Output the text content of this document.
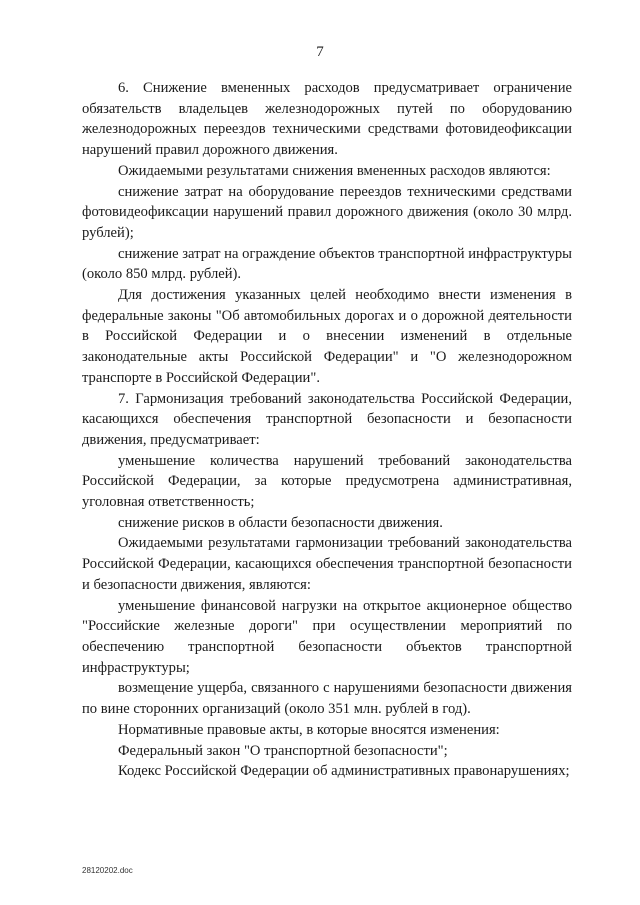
7

6. Снижение вмененных расходов предусматривает ограничение обязательств владельцев железнодорожных путей по оборудованию железнодорожных переездов техническими средствами фотовидеофиксации нарушений правил дорожного движения.

Ожидаемыми результатами снижения вмененных расходов являются:

снижение затрат на оборудование переездов техническими средствами фотовидеофиксации нарушений правил дорожного движения (около 30 млрд. рублей);

снижение затрат на ограждение объектов транспортной инфраструктуры (около 850 млрд. рублей).

Для достижения указанных целей необходимо внести изменения в федеральные законы "Об автомобильных дорогах и о дорожной деятельности в Российской Федерации и о внесении изменений в отдельные законодательные акты Российской Федерации" и "О железнодорожном транспорте в Российской Федерации".

7. Гармонизация требований законодательства Российской Федерации, касающихся обеспечения транспортной безопасности и безопасности движения, предусматривает:

уменьшение количества нарушений требований законодательства Российской Федерации, за которые предусмотрена административная, уголовная ответственность;

снижение рисков в области безопасности движения.

Ожидаемыми результатами гармонизации требований законодательства Российской Федерации, касающихся обеспечения транспортной безопасности и безопасности движения, являются:

уменьшение финансовой нагрузки на открытое акционерное общество "Российские железные дороги" при осуществлении мероприятий по обеспечению транспортной безопасности объектов транспортной инфраструктуры;

возмещение ущерба, связанного с нарушениями безопасности движения по вине сторонних организаций (около 351 млн. рублей в год).

Нормативные правовые акты, в которые вносятся изменения:

Федеральный закон "О транспортной безопасности";

Кодекс Российской Федерации об административных правонарушениях;

28120202.doc
